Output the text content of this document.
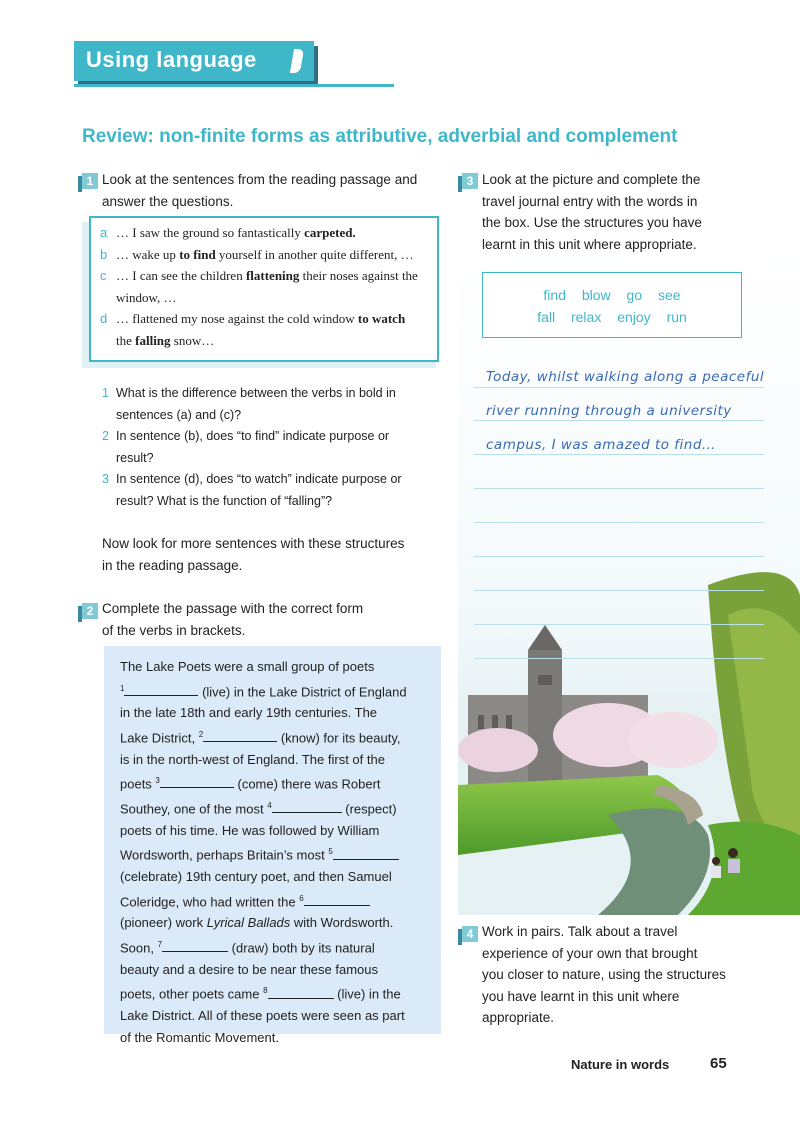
Using language
Review: non-finite forms as attributive, adverbial and complement
1 Look at the sentences from the reading passage and
answer the questions.
a … I saw the ground so fantastically carpeted.
b … wake up to find yourself in another quite different, …
c … I can see the children flattening their noses against the
window, …
d … flattened my nose against the cold window to watch
the falling snow…
1 What is the difference between the verbs in bold in
sentences (a) and (c)?
2 In sentence (b), does “to find” indicate purpose or
result?
3 In sentence (d), does “to watch” indicate purpose or
result? What is the function of “falling”?
Now look for more sentences with these structures
in the reading passage.
2 Complete the passage with the correct form
of the verbs in brackets.
The Lake Poets were a small group of poets
$^1$	(live) in the Lake District of England
in the late 18th and early 19th centuries. The
Lake District, $^2$	(know) for its beauty,
is in the north-west of England. The first of the
poets $^3$	(come) there was Robert
Southey, one of the most $^4$	(respect)
poets of his time. He was followed by William
Wordsworth, perhaps Britain’s most $^5$
(celebrate) 19th century poet, and then Samuel
Coleridge, who had written the $^6$
(pioneer) work Lyrical Ballads with Wordsworth.
Soon, $^7$	(draw) both by its natural
beauty and a desire to be near these famous
poets, other poets came $^8$	(live) in the
Lake District. All of these poets were seen as part
of the Romantic Movement.
3 Look at the picture and complete the
travel journal entry with the words in
the box. Use the structures you have
learnt in this unit where appropriate.
find blow go see
fall relax enjoy run
Today, whilst walking along a peaceful
river running through a university
campus, I was amazed to find…
4 Work in pairs. Talk about a travel
experience of your own that brought
you closer to nature, using the structures
you have learnt in this unit where
appropriate.
Nature in words	65
